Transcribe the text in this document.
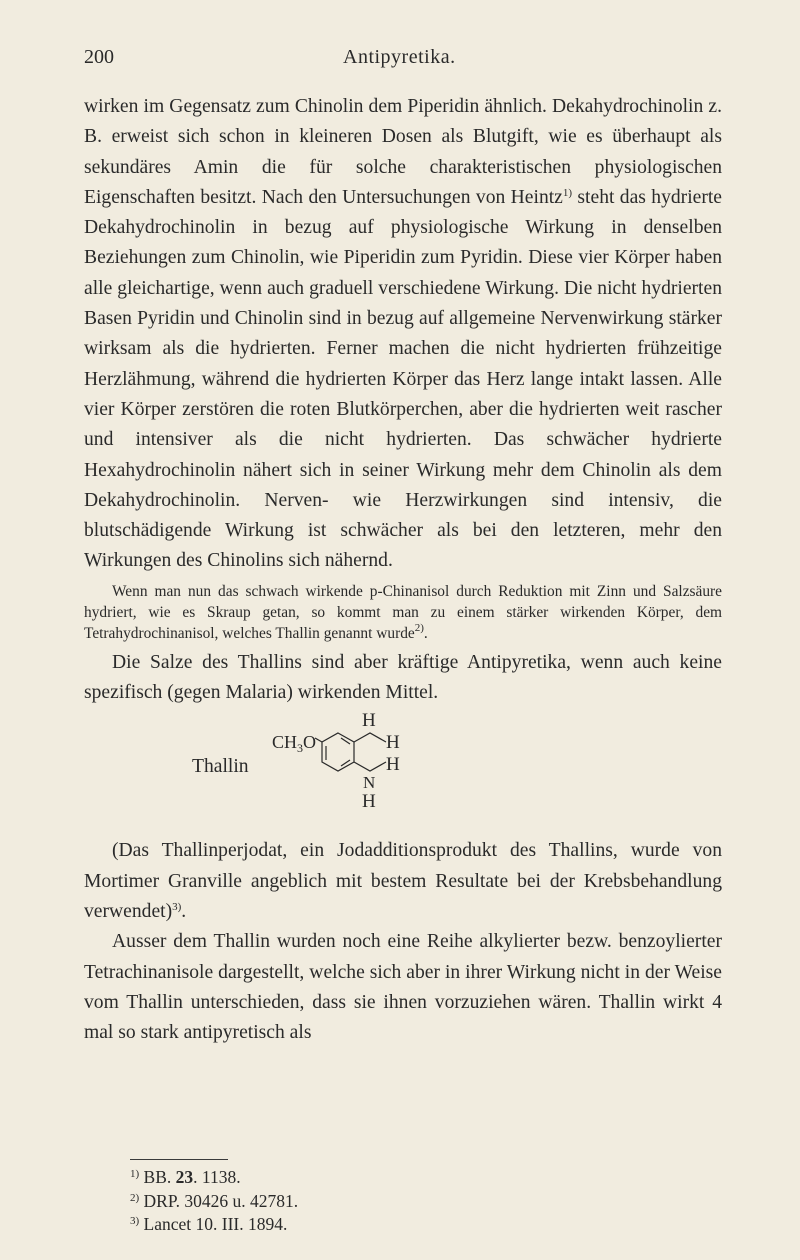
200	Antipyretika.

wirken im Gegensatz zum Chinolin dem Piperidin ähnlich. Dekahydrochinolin z. B. erweist sich schon in kleineren Dosen als Blutgift, wie es überhaupt als sekundäres Amin die für solche charakteristischen physiologischen Eigenschaften besitzt. Nach den Untersuchungen von Heintz$^{1)}$ steht das hydrierte Dekahydrochinolin in bezug auf physiologische Wirkung in denselben Beziehungen zum Chinolin, wie Piperidin zum Pyridin. Diese vier Körper haben alle gleichartige, wenn auch graduell verschiedene Wirkung. Die nicht hydrierten Basen Pyridin und Chinolin sind in bezug auf allgemeine Nervenwirkung stärker wirksam als die hydrierten. Ferner machen die nicht hydrierten frühzeitige Herzlähmung, während die hydrierten Körper das Herz lange intakt lassen. Alle vier Körper zerstören die roten Blutkörperchen, aber die hydrierten weit rascher und intensiver als die nicht hydrierten. Das schwächer hydrierte Hexahydrochinolin nähert sich in seiner Wirkung mehr dem Chinolin als dem Dekahydrochinolin. Nerven- wie Herzwirkungen sind intensiv, die blutschädigende Wirkung ist schwächer als bei den letzteren, mehr den Wirkungen des Chinolins sich nähernd.

Wenn man nun das schwach wirkende p-Chinanisol durch Reduktion mit Zinn und Salzsäure hydriert, wie es Skraup getan, so kommt man zu einem stärker wirkenden Körper, dem Tetrahydrochinanisol, welches Thallin genannt wurde$^{2)}$.

Die Salze des Thallins sind aber kräftige Antipyretika, wenn auch keine spezifisch (gegen Malaria) wirkenden Mittel.

Thallin
H
$CH_3O$	H
H
N
H

(Das Thallinperjodat, ein Jodadditionsprodukt des Thallins, wurde von Mortimer Granville angeblich mit bestem Resultate bei der Krebsbehandlung verwendet)$^{3)}$.

Ausser dem Thallin wurden noch eine Reihe alkylierter bezw. benzoylierter Tetrachinanisole dargestellt, welche sich aber in ihrer Wirkung nicht in der Weise vom Thallin unterschieden, dass sie ihnen vorzuziehen wären. Thallin wirkt 4 mal so stark antipyretisch als

$^{1)}$ BB. 23. 1138.
$^{2)}$ DRP. 30426 u. 42781.
$^{3)}$ Lancet 10. III. 1894.
